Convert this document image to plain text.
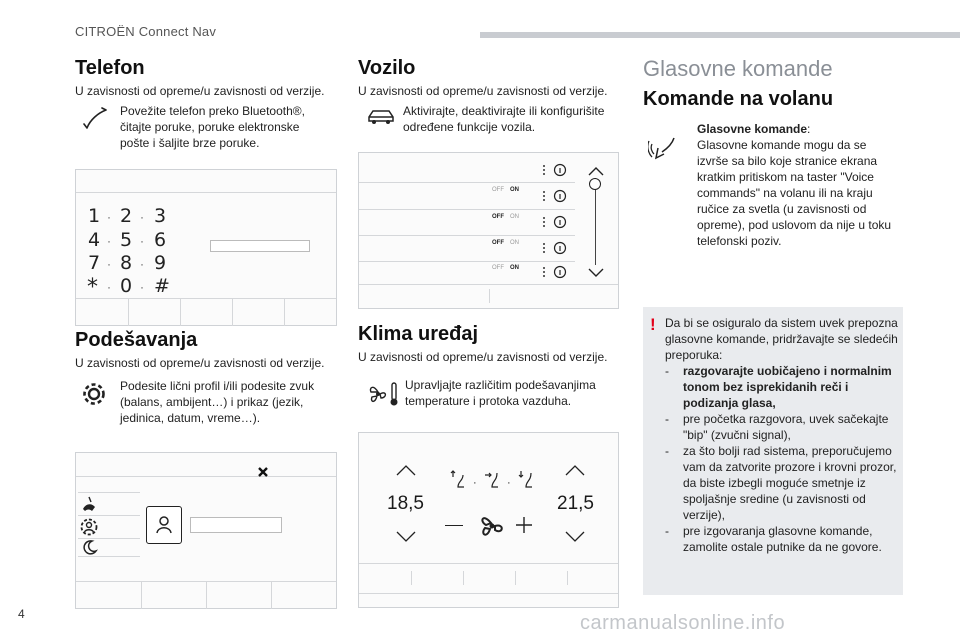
CITROËN Connect Nav
Telefon
U zavisnosti od opreme/u zavisnosti od verzije.
Povežite telefon preko Bluetooth®, čitajte poruke, poruke elektronske pošte i šaljite brze poruke.
1 · 2 · 3
4 · 5 · 6
7 · 8 · 9
* · 0 · #
Podešavanja
U zavisnosti od opreme/u zavisnosti od verzije.
Podesite lični profil i/ili podesite zvuk (balans, ambijent…) i prikaz (jezik, jedinica, datum, vreme…).
Vozilo
U zavisnosti od opreme/u zavisnosti od verzije.
Aktivirajte, deaktivirajte ili konfigurišite određene funkcije vozila.
OFF ON
OFF ON
OFF ON
OFF ON
Klima uređaj
U zavisnosti od opreme/u zavisnosti od verzije.
Upravljajte različitim podešavanjima temperature i protoka vazduha.
18,5	21,5
·	·
Glasovne komande
Komande na volanu
Glasovne komande:
Glasovne komande mogu da se izvrše sa bilo koje stranice ekrana kratkim pritiskom na taster "Voice commands" na volanu ili na kraju ručice za svetla (u zavisnosti od opreme), pod uslovom da nije u toku telefonski poziv.
! Da bi se osiguralo da sistem uvek prepozna glasovne komande, pridržavajte se sledećih preporuka:
-	razgovarajte uobičajeno i normalnim tonom bez isprekidanih reči i podizanja glasa,
-	pre početka razgovora, uvek sačekajte "bip" (zvučni signal),
-	za što bolji rad sistema, preporučujemo vam da zatvorite prozore i krovni prozor, da biste izbegli moguće smetnje iz spoljašnje sredine (u zavisnosti od verzije),
-	pre izgovaranja glasovne komande, zamolite ostale putnike da ne govore.
4	carmanualsonline.info
